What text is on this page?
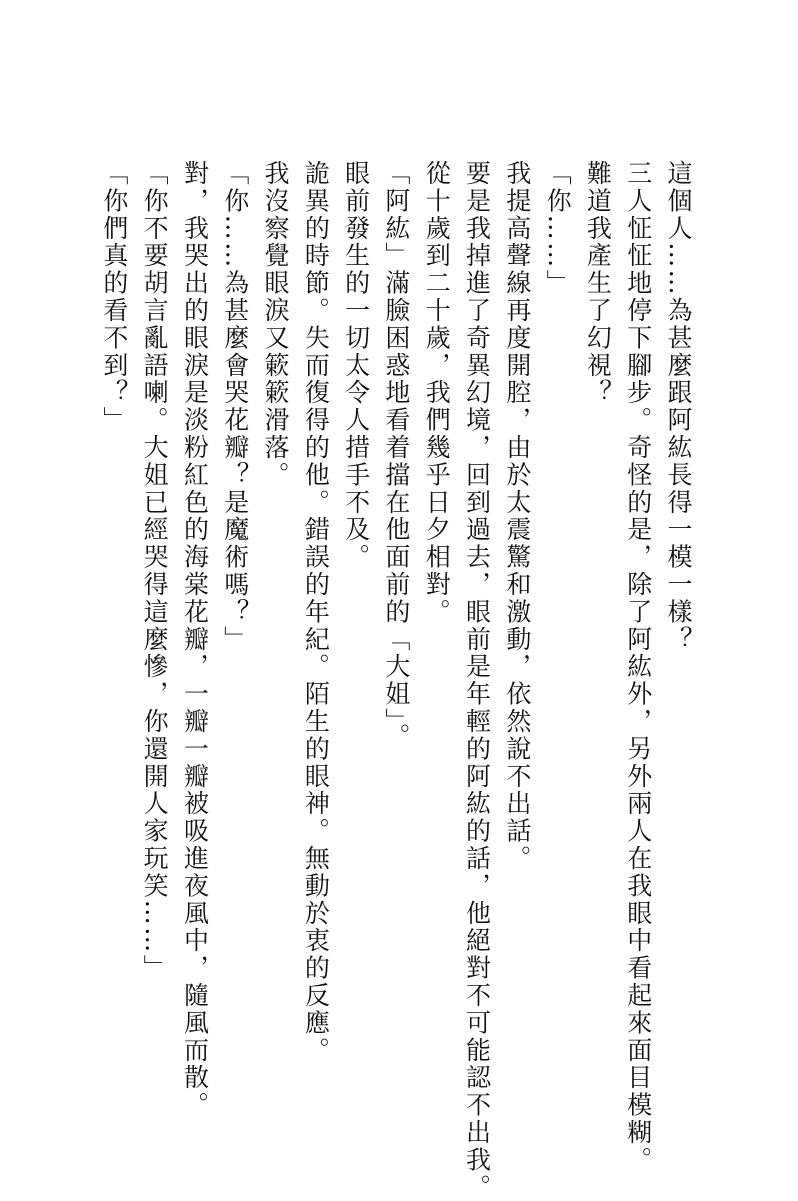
這個人……為甚麼跟阿紘長得一模一樣？

三人怔怔地停下腳步。奇怪的是，除了阿紘外，另外兩人在我眼中看起來面目模糊。

難道我產生了幻視？

「你……」

我提高聲線再度開腔，由於太震驚和激動，依然說不出話。

要是我掉進了奇異幻境，回到過去，眼前是年輕的阿紘的話，他絕對不可能認不出我。

從十歲到二十歲，我們幾乎日夕相對。

「阿紘」滿臉困惑地看着擋在他面前的「大姐」。

眼前發生的一切太令人措手不及。

詭異的時節。失而復得的他。錯誤的年紀。陌生的眼神。無動於衷的反應。

我沒察覺眼淚又簌簌滑落。

「你……為甚麼會哭花瓣？是魔術嗎？」

對，我哭出的眼淚是淡粉紅色的海棠花瓣，一瓣一瓣被吸進夜風中，隨風而散。

「你不要胡言亂語喇。大姐已經哭得這麼慘，你還開人家玩笑……」

「你們真的看不到？」
